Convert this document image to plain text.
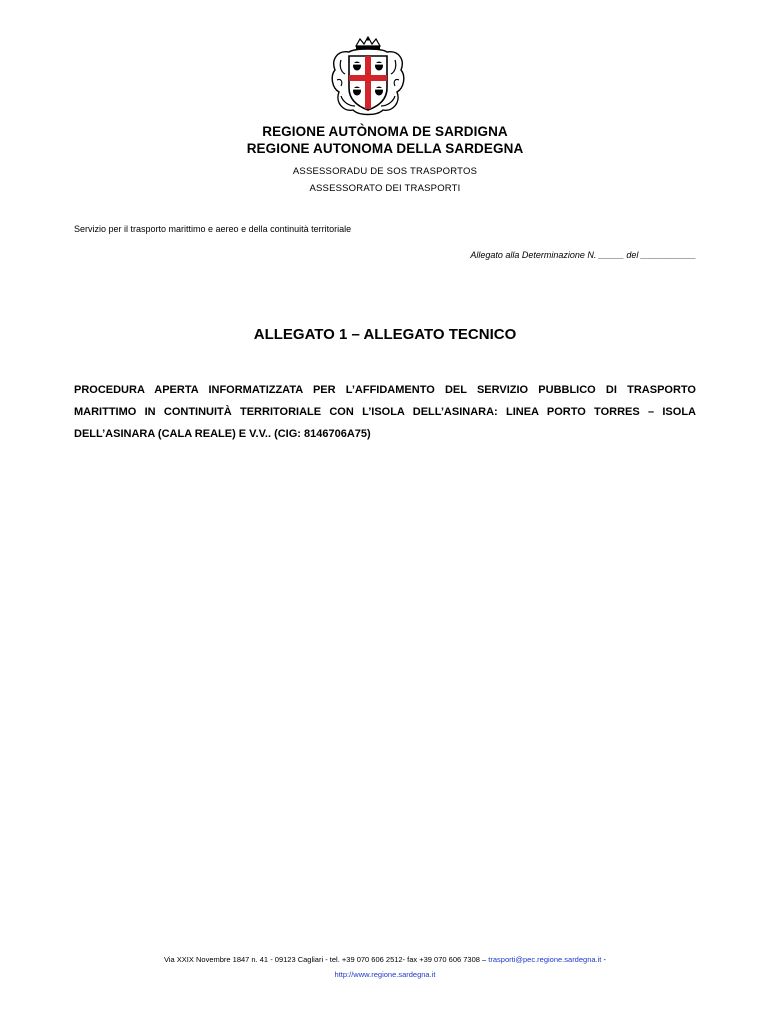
REGIONE AUTÒNOMA DE SARDIGNA
REGIONE AUTONOMA DELLA SARDEGNA
ASSESSORADU DE SOS TRASPORTOS
ASSESSORATO DEI TRASPORTI
Servizio per il trasporto marittimo e aereo e della continuità territoriale
Allegato alla Determinazione N. _____ del ___________
ALLEGATO 1 – ALLEGATO TECNICO
PROCEDURA APERTA INFORMATIZZATA PER L’AFFIDAMENTO DEL SERVIZIO PUBBLICO DI TRASPORTO MARITTIMO IN CONTINUITÀ TERRITORIALE CON L’ISOLA DELL’ASINARA: LINEA PORTO TORRES – ISOLA DELL’ASINARA (CALA REALE) E V.V.. (CIG: 8146706A75)
Via XXIX Novembre 1847 n. 41 - 09123 Cagliari - tel. +39 070 606 2512- fax +39 070 606 7308 – trasporti@pec.regione.sardegna.it -
http://www.regione.sardegna.it
